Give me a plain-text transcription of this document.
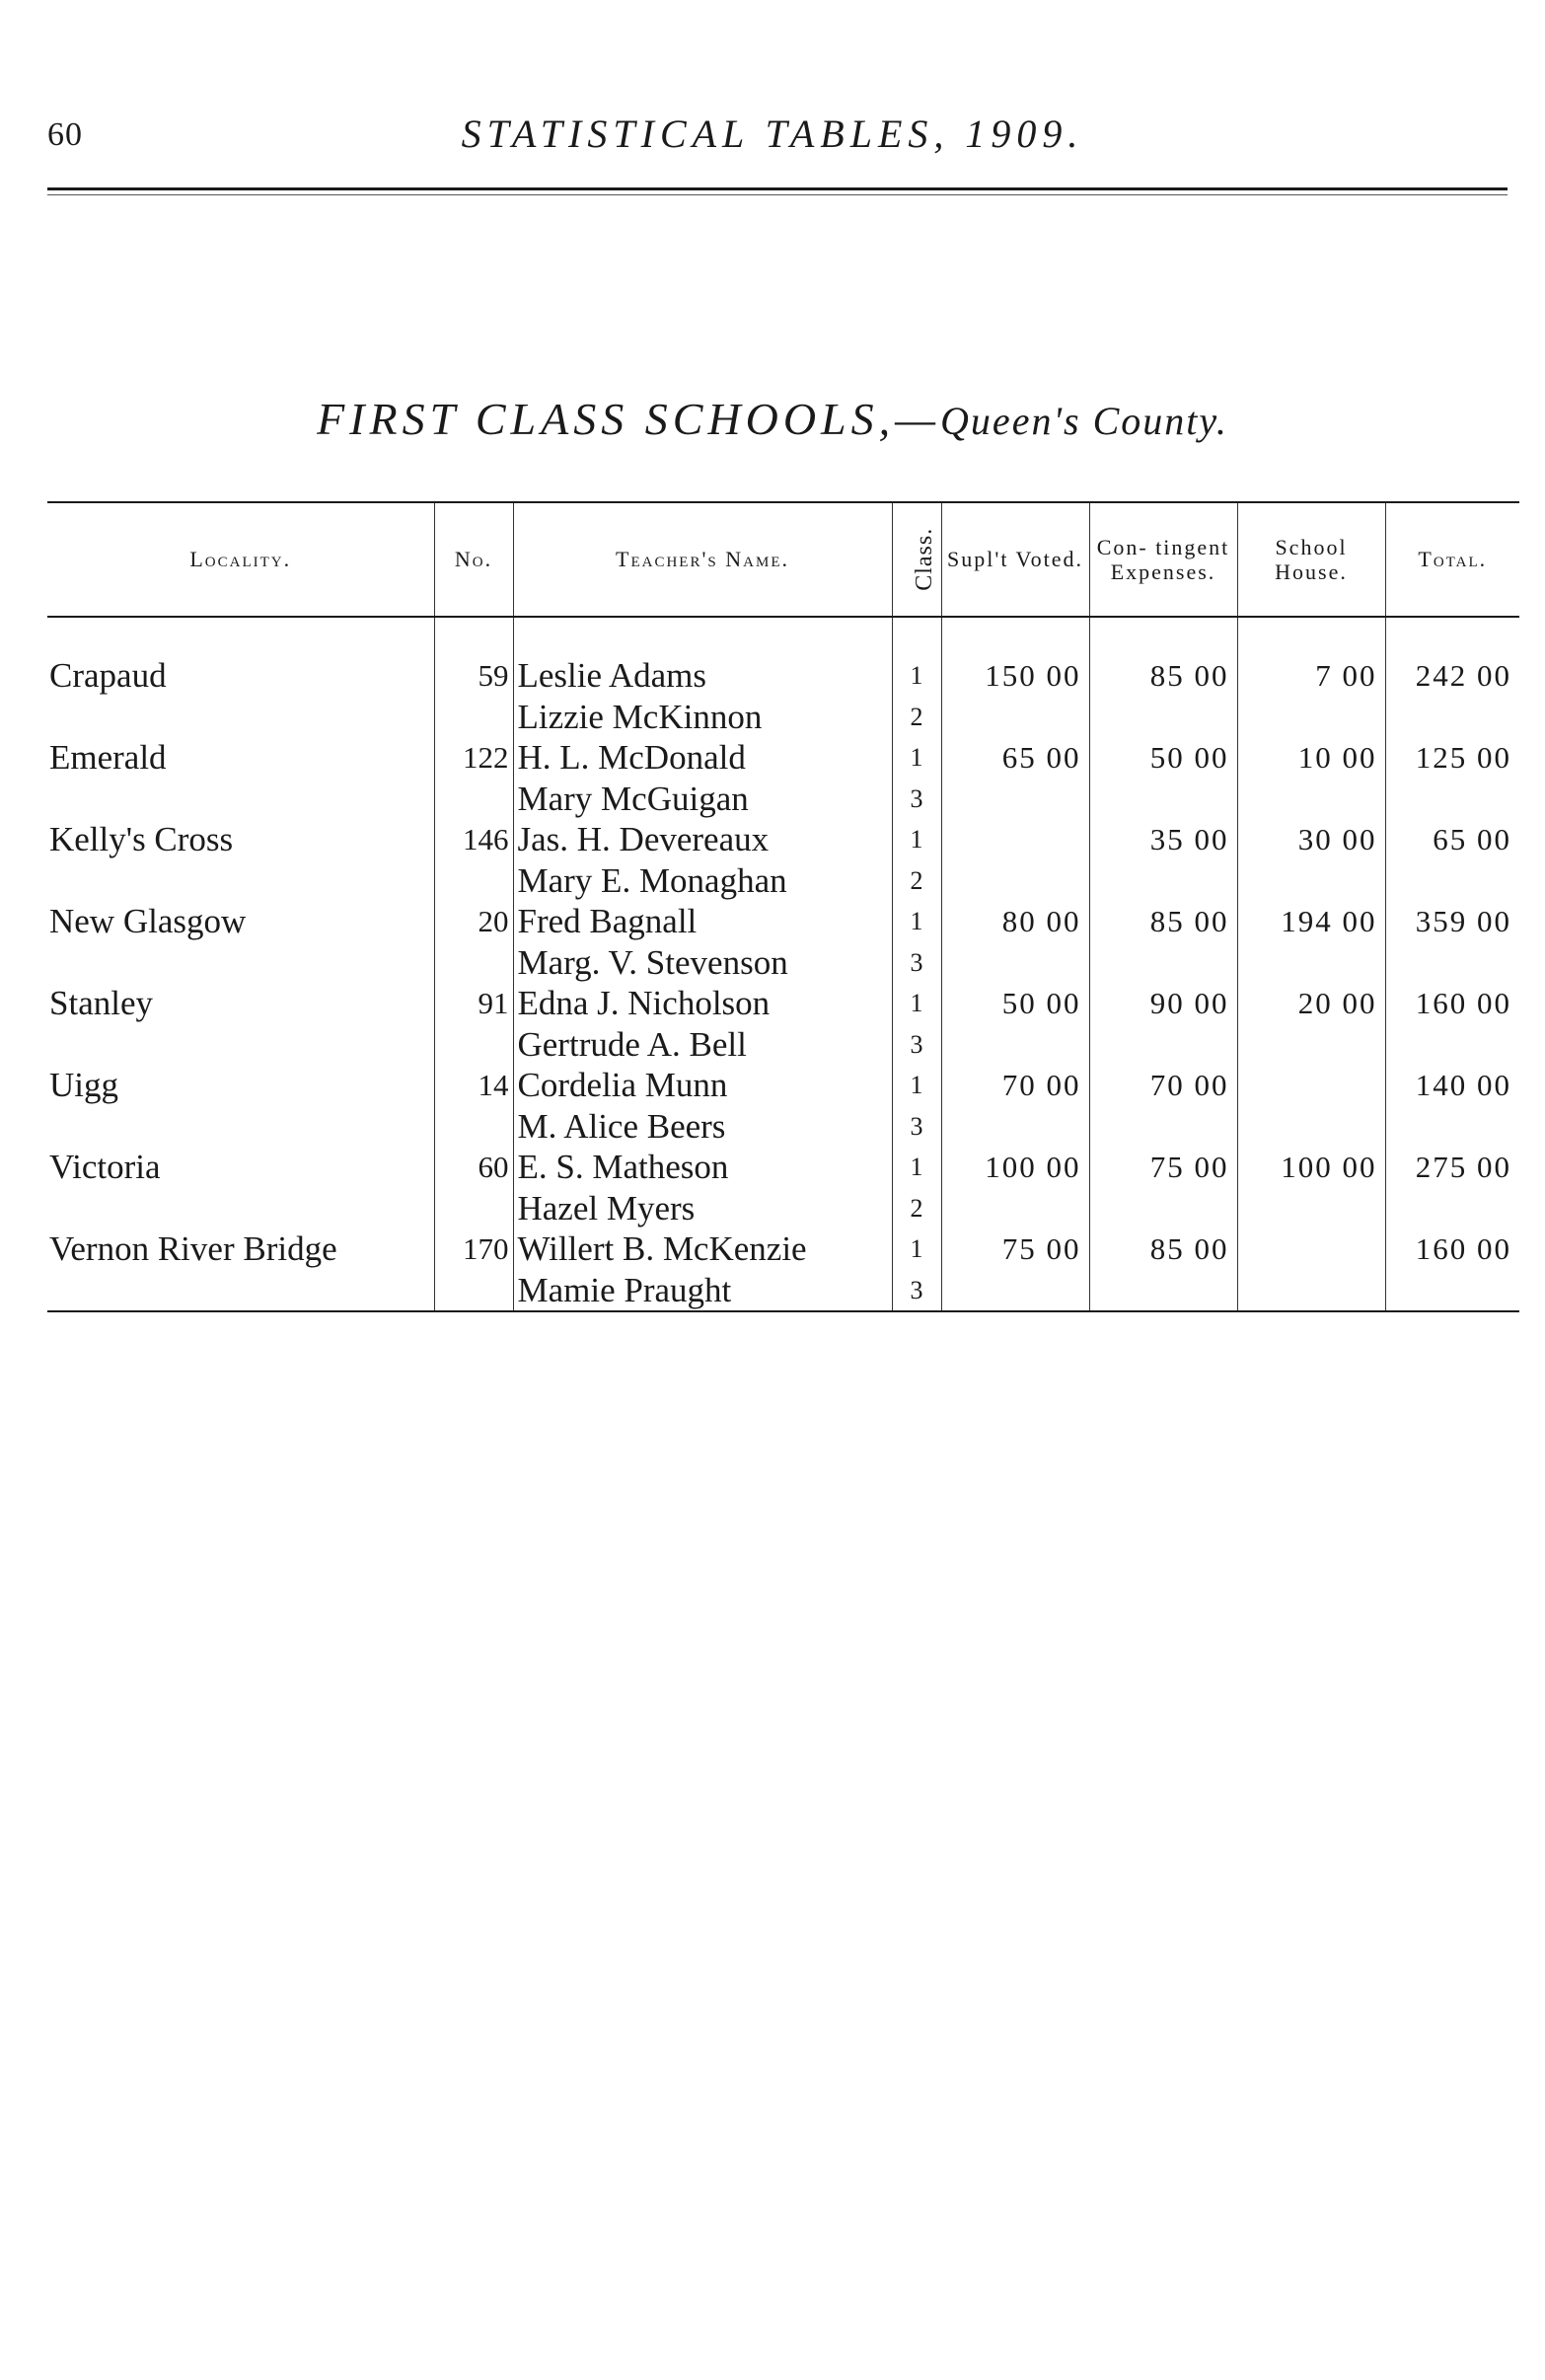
60	STATISTICAL TABLES, 1909.
FIRST CLASS SCHOOLS,—Queen's County.

Locality.	No.	Teacher's Name.	Class.	Supl't Voted.	Con- tingent Expenses.	School House.	Total.

Crapaud	59	Leslie Adams	1	150 00	85 00	7 00	242 00
		Lizzie McKinnon	2				
Emerald	122	H. L. McDonald	1	65 00	50 00	10 00	125 00
		Mary McGuigan	3				
Kelly's Cross	146	Jas. H. Devereaux	1		35 00	30 00	65 00
		Mary E. Monaghan	2				
New Glasgow	20	Fred Bagnall	1	80 00	85 00	194 00	359 00
		Marg. V. Stevenson	3				
Stanley	91	Edna J. Nicholson	1	50 00	90 00	20 00	160 00
		Gertrude A. Bell	3				
Uigg	14	Cordelia Munn	1	70 00	70 00		140 00
		M. Alice Beers	3				
Victoria	60	E. S. Matheson	1	100 00	75 00	100 00	275 00
		Hazel Myers	2				
Vernon River Bridge	170	Willert B. McKenzie	1	75 00	85 00		160 00
		Mamie Praught	3				
